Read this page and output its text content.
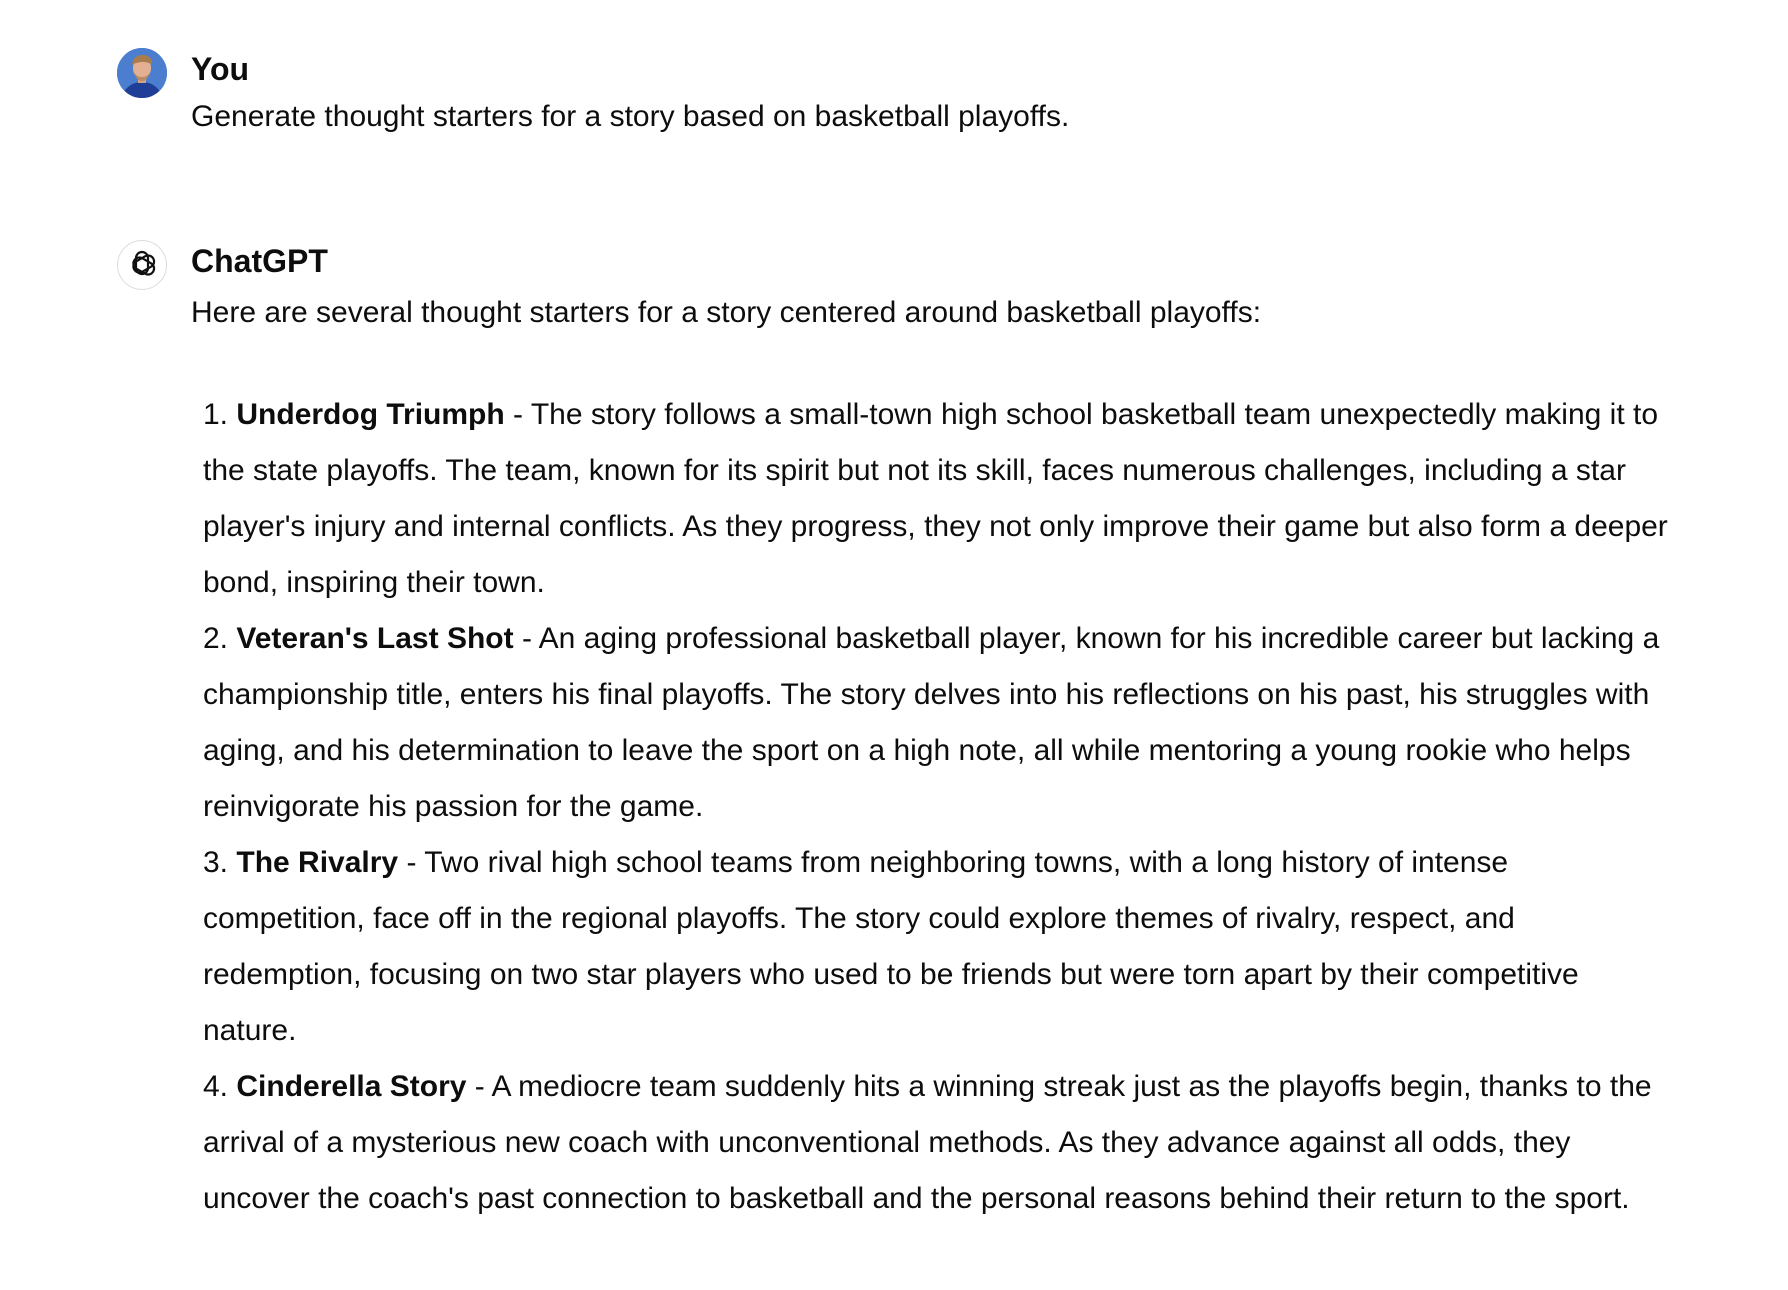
You
Generate thought starters for a story based on basketball playoffs.
ChatGPT
Here are several thought starters for a story centered around basketball playoffs:
1. Underdog Triumph - The story follows a small-town high school basketball team unexpectedly making it to the state playoffs. The team, known for its spirit but not its skill, faces numerous challenges, including a star player's injury and internal conflicts. As they progress, they not only improve their game but also form a deeper bond, inspiring their town.
2. Veteran's Last Shot - An aging professional basketball player, known for his incredible career but lacking a championship title, enters his final playoffs. The story delves into his reflections on his past, his struggles with aging, and his determination to leave the sport on a high note, all while mentoring a young rookie who helps reinvigorate his passion for the game.
3. The Rivalry - Two rival high school teams from neighboring towns, with a long history of intense competition, face off in the regional playoffs. The story could explore themes of rivalry, respect, and redemption, focusing on two star players who used to be friends but were torn apart by their competitive nature.
4. Cinderella Story - A mediocre team suddenly hits a winning streak just as the playoffs begin, thanks to the arrival of a mysterious new coach with unconventional methods. As they advance against all odds, they uncover the coach's past connection to basketball and the personal reasons behind their return to the sport.
